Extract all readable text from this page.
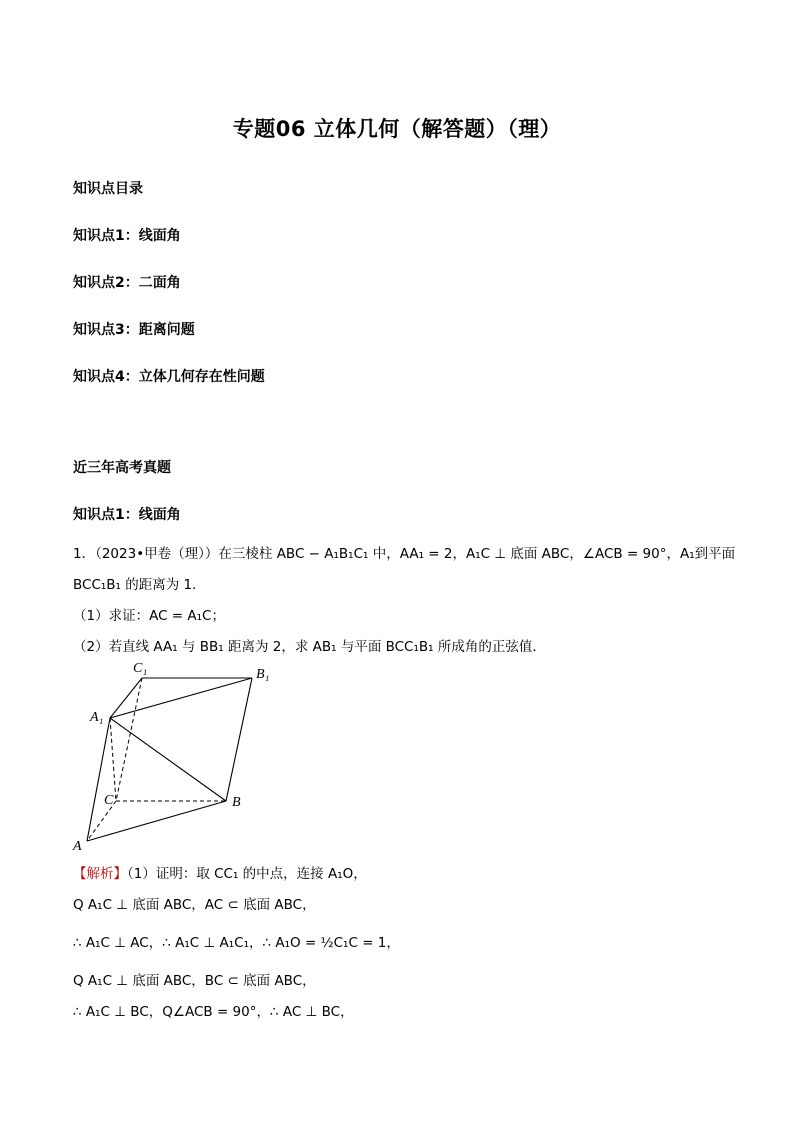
专题06 立体几何（解答题）（理）
知识点目录
知识点1：线面角
知识点2：二面角
知识点3：距离问题
知识点4：立体几何存在性问题
近三年高考真题
知识点1：线面角
1．（2023•甲卷（理））在三棱柱 ABC − A₁B₁C₁ 中，AA₁ = 2，A₁C ⊥ 底面 ABC，∠ACB = 90°，A₁到平面
BCC₁B₁ 的距离为 1．
（1）求证：AC = A₁C；
（2）若直线 AA₁ 与 BB₁ 距离为 2，求 AB₁ 与平面 BCC₁B₁ 所成角的正弦值．
C₁	B₁
A₁
C	B
A
【解析】（1）证明：取 CC₁ 的中点，连接 A₁O，
Q A₁C ⊥ 底面 ABC，AC ⊂ 底面 ABC，
∴ A₁C ⊥ AC，∴ A₁C ⊥ A₁C₁，∴ A₁O = ½C₁C = 1，
Q A₁C ⊥ 底面 ABC，BC ⊂ 底面 ABC，
∴ A₁C ⊥ BC，Q∠ACB = 90°，∴ AC ⊥ BC，
